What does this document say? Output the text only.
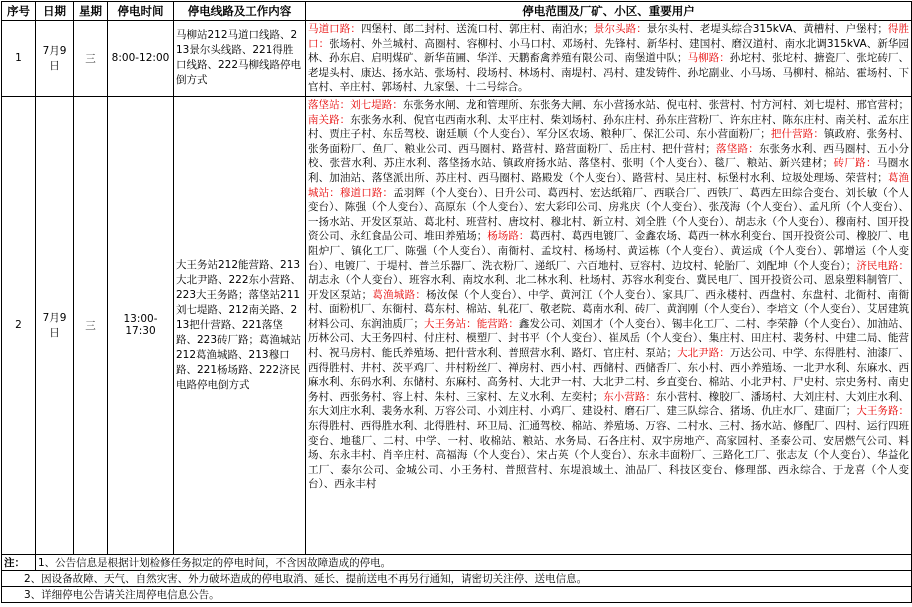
序号	日期	星期	停电时间	停电线路及工作内容	停电范围及厂矿、小区、重要用户
1	7月9日	三	8:00-12:00	马柳站212马道口线路、213景尔头线路、221得胜口线路、222马柳线路停电倒方式	马道口路：四堡村、郎二封村、送流口村、郭庄村、南泊水；景尔头路：景尔头村、老堤头综合315kVA、黄槽村、户堡村；得胜口：张场村、外兰城村、高圈村、容柳村、小马口村、邓场村、先锋村、新华村、建国村、磨汉道村、南水北调315kVA、新华园林、孙东启、启明煤矿、新华苗圃、华洋、天鹏畜禽养殖有限公司、南堡道中队；马柳路：孙坨村、张坨村、搪瓷厂、张坨砖厂、老堤头村、康达、扬水站、张场村、段场村、林场村、南堤村、冯村、建发铸件、孙坨副业、小马场、马柳村、棉站、霍场村、下官村、辛庄村、郭场村、九家堡、十二号综合。
2	7月9日	三	13:00-17:30	大王务站212能营路、213大北尹路、222东小营路、223大王务路；落垡站211刘七堤路、212南关路、213把什营路、221落垡路、223砖厂路；葛渔城站212葛渔城路、213穆口路、221杨场路、222济民电路停电倒方式	落垡站：刘七堤路：东张务水闸、龙和管理所、东张务大闸、东小营扬水站、倪屯村、张营村、忖方河村、刘七堤村、邢官营村；南关路：东张务水利、倪官屯西南水利、太平庄村、柴刘场村、孙东庄村、孙东庄营粉厂、许东庄村、陈东庄村、南关村、孟东庄村、贾庄子村、东岳驾校、谢廷顺（个人变台）、军分区农场、粮种厂、保汇公司、东小营面粉厂；把什营路：镇政府、张务村、张务面粉厂、鱼厂、粮业公司、西马圈村、路营村、路营面粉厂、岳庄村、把什营村；落垡路：东张务水利、西马圈村、五小分校、张营水利、苏庄水利、落垡扬水站、镇政府扬水站、落垡村、张明（个人变台）、毯厂、粮站、新兴建材；砖厂路：马圈水利、加油站、落垡派出所、苏庄村、西马圈村、路殿发（个人变台）、路营村、吴庄村、标堡村水利、垃圾处理场、荣营村；葛渔城站：穆道口路：孟羽辉（个人变台）、日升公司、葛西村、宏达纸箱厂、西联合厂、西铁厂、葛西左田综合变台、刘长敏（个人变台）、陈强（个人变台）、高原东（个人变台）、宏大彩印公司、房兆庆（个人变台）、张茂海（个人变台）、孟凡所（个人变台）、一扬水站、开发区泵站、葛北村、班营村、唐坟村、穆北村、新立村、刘全胜（个人变台）、胡志永（个人变台）、穆南村、国开投资公司、永红食品公司、堆田养殖场；杨场路：葛西村、葛西电镀厂、金鑫农场、葛西一林水利变台、国开投资公司、橡胶厂、电阻炉厂、镇化工厂、陈强（个人变台）、南衙村、孟坟村、杨场村、黄运栋（个人变台）、黄运成（个人变台）、郭增运（个人变台）、电镀厂、于堤村、普兰乐器厂、洗衣粉厂、递纸厂、六百地村、豆容村、边坟村、轮胎厂、刘配坤（个人变台）；济民电路：胡志永（个人变台）、班容水利、南坟水利、北二林水利、杜场村、苏容水利变台、冀民电厂、国开投资公司、恩泉塑料制管厂、开发区泵站；葛渔城路：杨汝保（个人变台）、中学、黄河江（个人变台）、家具厂、西永楼村、西盘村、东盘村、北衙村、南衙村、面粉机厂、东衙村、葛东村、棉站、轧花厂、敬老院、葛南水利、砖厂、黄润刚（个人变台）、李培文（个人变台）、艾居建筑材料公司、东润油质厂；大王务站：能营路：鑫发公司、刘国才（个人变台）、锡丰化工厂、二村、李荣静（个人变台）、加油站、历林公司、大王务四村、付庄村、模塑厂、封书平（个人变台）、崔凤岳（个人变台）、集庄村、田庄村、裴务村、中建二局、能营村、祝马房村、能氏养殖场、把什营水利、普照营水利、路灯、官庄村、泵站；大北尹路：万达公司、中学、东得胜村、油漆厂、西得胜村、井村、茨平鸡厂、井村粉丝厂、禅房村、西小村、西储村、西储香厂、东小村、西小养殖场、一北尹水利、东麻水、西麻水利、东码水利、东储村、东麻村、高务村、大北尹一村、大北尹二村、乡直变台、棉站、小北尹村、尸史村、宗史务村、南史务村、西张务村、容上村、朱村、三家村、左义水利、左奕村；东小营路：东小营村、橡胶厂、潘场村、大刘庄村、大刘庄水利、东大刘庄水利、裴务水利、万容公司、小刘庄村、小鸡厂、建设村、磨石厂、建三队综合、猪场、仇庄水厂、建面厂；大王务路：东得胜村、西得胜水利、北得胜村、环卫局、汇通驾校、棉站、养殖场、万容、二村水、三村、扬水站、修配厂、四村、运行四班变台、地毯厂、二村、中学、一村、收棉站、粮站、水务局、石各庄村、双宇房地产、高家园村、圣泰公司、安居燃气公司、料场、东永丰村、肖辛庄村、高福海（个人变台）、宋占英（个人变台）、东永丰面粉厂、三路化工厂、张志友（个人变台）、华益化工厂、泰尔公司、金城公司、小王务村、普照营村、东堤浪域土、油品厂、科技区变台、修理部、西永综合、于龙喜（个人变台）、西永丰村
注：	1、公告信息是根据计划检修任务拟定的停电时间，不含因故障造成的停电。				
2、因设备故障、天气、自然灾害、外力破坏造成的停电取消、延长、提前送电不再另行通知，请密切关注停、送电信息。					
3、详细停电公告请关注周停电信息公告。					
